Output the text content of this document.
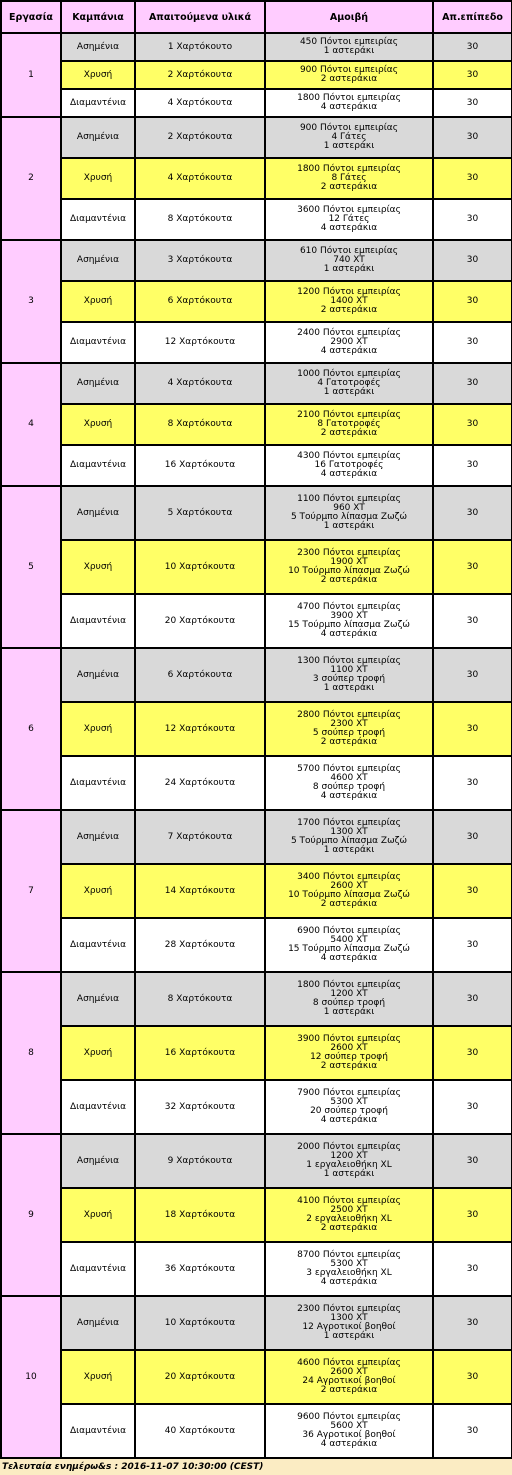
Εργασία	Καμπάνια	Απαιτούμενα υλικά	Αμοιβή	Απ.επίπεδο
1	Ασημένια	1 Χαρτόκουτο	450 Πόντοι εμπειρίας
1 αστεράκι	30
	Χρυσή	2 Χαρτόκουτα	900 Πόντοι εμπειρίας
2 αστεράκια	30
	Διαμαντένια	4 Χαρτόκουτα	1800 Πόντοι εμπειρίας
4 αστεράκια	30
2	Ασημένια	2 Χαρτόκουτα	900 Πόντοι εμπειρίας
4 Γάτες
1 αστεράκι	30
	Χρυσή	4 Χαρτόκουτα	1800 Πόντοι εμπειρίας
8 Γάτες
2 αστεράκια	30
	Διαμαντένια	8 Χαρτόκουτα	3600 Πόντοι εμπειρίας
12 Γάτες
4 αστεράκια	30
3	Ασημένια	3 Χαρτόκουτα	610 Πόντοι εμπειρίας
740 XT
1 αστεράκι	30
	Χρυσή	6 Χαρτόκουτα	1200 Πόντοι εμπειρίας
1400 XT
2 αστεράκια	30
	Διαμαντένια	12 Χαρτόκουτα	2400 Πόντοι εμπειρίας
2900 XT
4 αστεράκια	30
4	Ασημένια	4 Χαρτόκουτα	1000 Πόντοι εμπειρίας
4 Γατοτροφές
1 αστεράκι	30
	Χρυσή	8 Χαρτόκουτα	2100 Πόντοι εμπειρίας
8 Γατοτροφές
2 αστεράκια	30
	Διαμαντένια	16 Χαρτόκουτα	4300 Πόντοι εμπειρίας
16 Γατοτροφές
4 αστεράκια	30
5	Ασημένια	5 Χαρτόκουτα	1100 Πόντοι εμπειρίας
960 XT
5 Τούρμπο λίπασμα Ζωζώ
1 αστεράκι	30
	Χρυσή	10 Χαρτόκουτα	2300 Πόντοι εμπειρίας
1900 XT
10 Τούρμπο λίπασμα Ζωζώ
2 αστεράκια	30
	Διαμαντένια	20 Χαρτόκουτα	4700 Πόντοι εμπειρίας
3900 XT
15 Τούρμπο λίπασμα Ζωζώ
4 αστεράκια	30
6	Ασημένια	6 Χαρτόκουτα	1300 Πόντοι εμπειρίας
1100 XT
3 σούπερ τροφή
1 αστεράκι	30
	Χρυσή	12 Χαρτόκουτα	2800 Πόντοι εμπειρίας
2300 XT
5 σούπερ τροφή
2 αστεράκια	30
	Διαμαντένια	24 Χαρτόκουτα	5700 Πόντοι εμπειρίας
4600 XT
8 σούπερ τροφή
4 αστεράκια	30
7	Ασημένια	7 Χαρτόκουτα	1700 Πόντοι εμπειρίας
1300 XT
5 Τούρμπο λίπασμα Ζωζώ
1 αστεράκι	30
	Χρυσή	14 Χαρτόκουτα	3400 Πόντοι εμπειρίας
2600 XT
10 Τούρμπο λίπασμα Ζωζώ
2 αστεράκια	30
	Διαμαντένια	28 Χαρτόκουτα	6900 Πόντοι εμπειρίας
5400 XT
15 Τούρμπο λίπασμα Ζωζώ
4 αστεράκια	30
8	Ασημένια	8 Χαρτόκουτα	1800 Πόντοι εμπειρίας
1200 XT
8 σούπερ τροφή
1 αστεράκι	30
	Χρυσή	16 Χαρτόκουτα	3900 Πόντοι εμπειρίας
2600 XT
12 σούπερ τροφή
2 αστεράκια	30
	Διαμαντένια	32 Χαρτόκουτα	7900 Πόντοι εμπειρίας
5300 XT
20 σούπερ τροφή
4 αστεράκια	30
9	Ασημένια	9 Χαρτόκουτα	2000 Πόντοι εμπειρίας
1200 XT
1 εργαλειοθήκη XL
1 αστεράκι	30
	Χρυσή	18 Χαρτόκουτα	4100 Πόντοι εμπειρίας
2500 XT
2 εργαλειοθήκη XL
2 αστεράκια	30
	Διαμαντένια	36 Χαρτόκουτα	8700 Πόντοι εμπειρίας
5300 XT
3 εργαλειοθήκη XL
4 αστεράκια	30
10	Ασημένια	10 Χαρτόκουτα	2300 Πόντοι εμπειρίας
1300 XT
12 Αγροτικοί βοηθοί
1 αστεράκι	30
	Χρυσή	20 Χαρτόκουτα	4600 Πόντοι εμπειρίας
2600 XT
24 Αγροτικοί βοηθοί
2 αστεράκια	30
	Διαμαντένια	40 Χαρτόκουτα	9600 Πόντοι εμπειρίας
5600 XT
36 Αγροτικοί βοηθοί
4 αστεράκια	30
Τελευταία ενημέρω&s : 2016-11-07 10:30:00 (CEST)
